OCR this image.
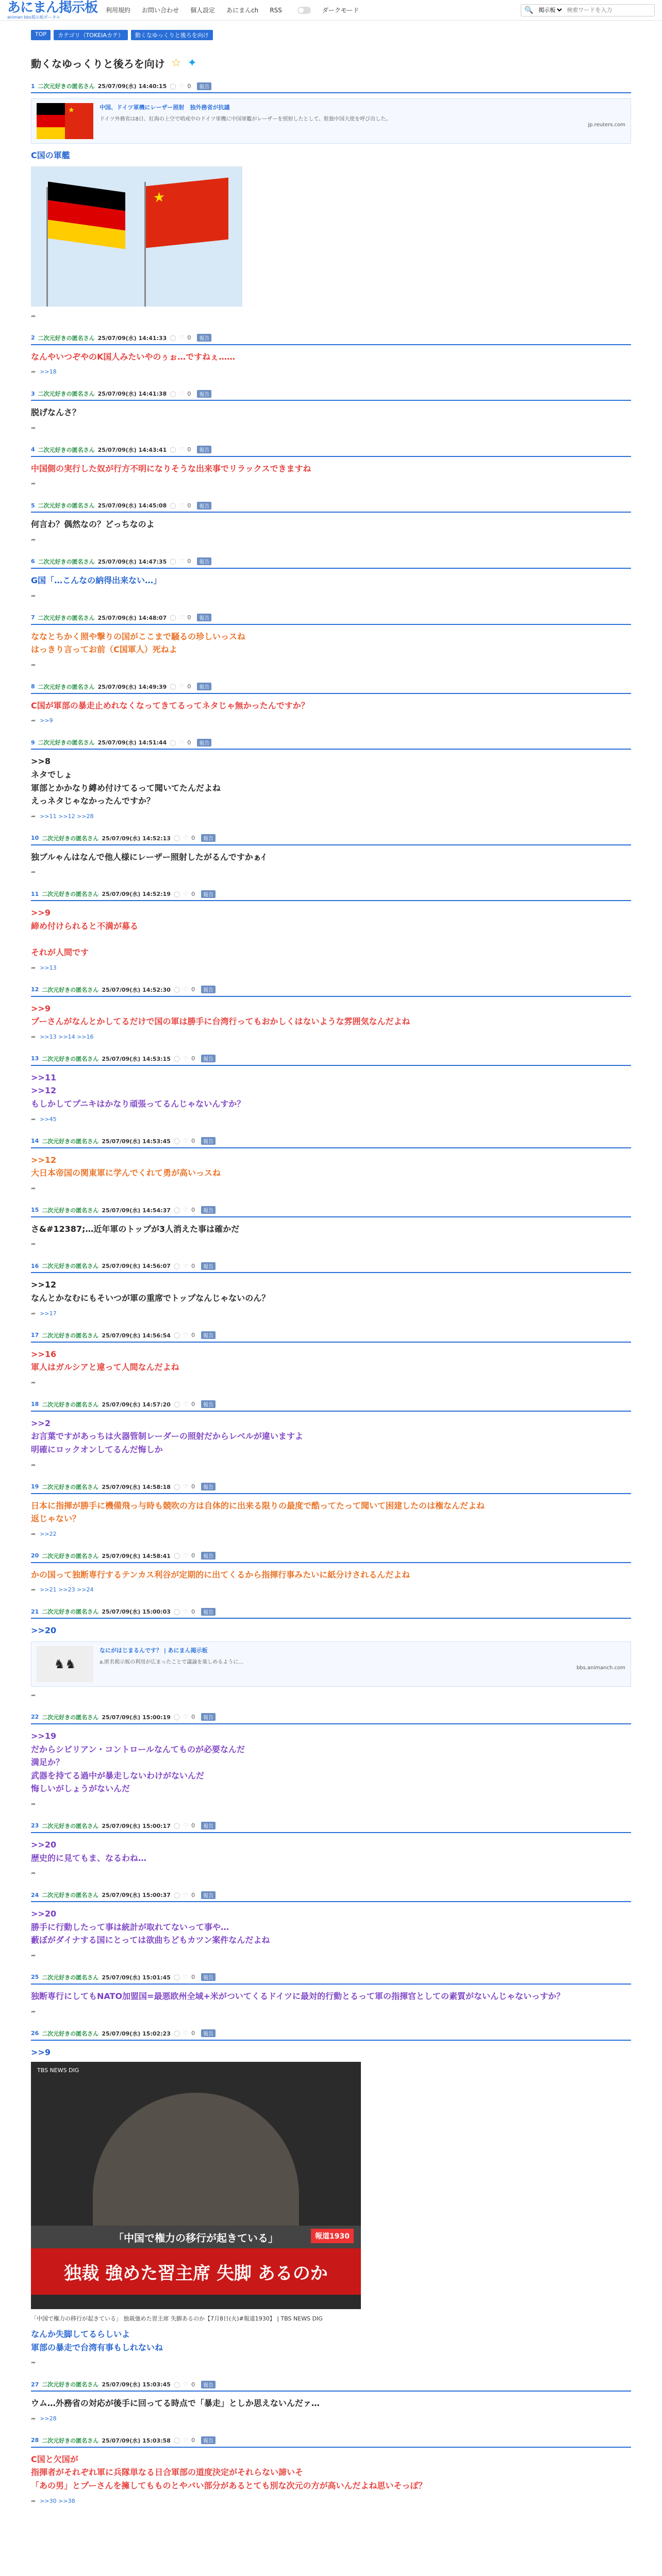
あにまん掲示板
animan bbs掲示板ポータル
利用規約 お問い合わせ 個人設定 あにまんch RSS	ダークモード	🔍
掲示板
検索ワードを入力
TOP	カテゴリ（TOKEIAカテ）	動くなゆっくりと後ろを向け
動くなゆっくりと後ろを向け ☆ ✦
1 二次元好きの匿名さん 25/07/09(水) 14:40:15 ◯ ♡ 0	報告
★	中国、ドイツ軍機にレーザー照射　独外務省が抗議
ドイツ外務省は8日、紅海の上空で哨戒中のドイツ軍機に中国軍艦がレーザーを照射したとして、駐独中国大使を呼び出した。
jp.reuters.com
C国の軍艦
★
➦
2 二次元好きの匿名さん 25/07/09(水) 14:41:33 ◯ ♡ 0	報告
なんやいつぞやのK国人みたいやのぅぉ…ですねぇ……
➦ >>18
3 二次元好きの匿名さん 25/07/09(水) 14:41:38 ◯ ♡ 0	報告
脱げなんさ？
➦
4 二次元好きの匿名さん 25/07/09(水) 14:43:41 ◯ ♡ 0	報告
中国側の実行した奴が行方不明になりそうな出来事でリラックスできますね
➦
5 二次元好きの匿名さん 25/07/09(水) 14:45:08 ◯ ♡ 0	報告
何言わ？偶然なの？どっちなのよ
➦
6 二次元好きの匿名さん 25/07/09(水) 14:47:35 ◯ ♡ 0	報告
G国「…こんなの納得出来ない…」
➦
7 二次元好きの匿名さん 25/07/09(水) 14:48:07 ◯ ♡ 0	報告
ななとちかく照や撃りの国がここまで騒るの珍しいっスね
はっきり言ってお前（C国軍人）死ねよ
➦
8 二次元好きの匿名さん 25/07/09(水) 14:49:39 ◯ ♡ 0	報告
C国が軍部の暴走止めれなくなってきてるってネタじゃ無かったんですか？
➦ >>9
9 二次元好きの匿名さん 25/07/09(水) 14:51:44 ◯ ♡ 0	報告
>>8
ネタでしょ
軍部とかかなり縛め付けてるって聞いてたんだよね
えっネタじゃなかったんですか？
➦ >>11 >>12 >>28
10 二次元好きの匿名さん 25/07/09(水) 14:52:13 ◯ ♡ 0	報告
独ブルゃんはなんで他人様にレーザー照射したがるんですかぁｲ
➦
11 二次元好きの匿名さん 25/07/09(水) 14:52:19 ◯ ♡ 0	報告
>>9
締め付けられると不満が募る

それが人間です
➦ >>13
12 二次元好きの匿名さん 25/07/09(水) 14:52:30 ◯ ♡ 0	報告
>>9
プーさんがなんとかしてるだけで国の軍は勝手に台湾行ってもおかしくはないような雰囲気なんだよね
➦ >>13 >>14 >>16
13 二次元好きの匿名さん 25/07/09(水) 14:53:15 ◯ ♡ 0	報告
>>11
>>12
もしかしてプニキはかなり頑張ってるんじゃないんすか？
➦ >>45
14 二次元好きの匿名さん 25/07/09(水) 14:53:45 ◯ ♡ 0	報告
>>12
大日本帝国の関東軍に学んでくれて勇が高いっスね
➦
15 二次元好きの匿名さん 25/07/09(水) 14:54:37 ◯ ♡ 0	報告
さ&#12387;…近年軍のトップが3人消えた事は確かだ
➦
16 二次元好きの匿名さん 25/07/09(水) 14:56:07 ◯ ♡ 0	報告
>>12
なんとかなむにもそいつが軍の重席でトップなんじゃないのん？
➦ >>17
17 二次元好きの匿名さん 25/07/09(水) 14:56:54 ◯ ♡ 0	報告
>>16
軍人はガルシアと違って人間なんだよね
➦
18 二次元好きの匿名さん 25/07/09(水) 14:57:20 ◯ ♡ 0	報告
>>2
お言葉ですがあっちは火器管制レーダーの照射だからレベルが違いますよ
明確にロックオンしてるんだ悔しか
➦
19 二次元好きの匿名さん 25/07/09(水) 14:58:18 ◯ ♡ 0	報告
日本に指揮が勝手に機備飛っ与時も競吹の方は自体的に出来る限りの最度で酷ってたって聞いて困建したのは権なんだよね
返じゃない？
➦ >>22
20 二次元好きの匿名さん 25/07/09(水) 14:58:41 ◯ ♡ 0	報告
かの国って独断専行するテンカス利谷が定期的に出てくるから指揮行事みたいに紙分けされるんだよね
➦ >>21 >>23 >>24
21 二次元好きの匿名さん 25/07/09(水) 15:00:03 ◯ ♡ 0	報告
>>20
♞♞
なにがはじまるんです？ | あにまん掲示板
a.匿名掲示板の利用が広まったことで議論を楽しめるように…
bbs.animanch.com
➦
22 二次元好きの匿名さん 25/07/09(水) 15:00:19 ◯ ♡ 0	報告
>>19
だからシビリアン・コントロールなんてものが必要なんだ
満足か？
武器を持てる過中が暴走しないわけがないんだ
悔しいがしょうがないんだ
➦
23 二次元好きの匿名さん 25/07/09(水) 15:00:17 ◯ ♡ 0	報告
>>20
歴史的に見てもま、なるわね…
➦
24 二次元好きの匿名さん 25/07/09(水) 15:00:37 ◯ ♡ 0	報告
>>20
勝手に行動したって事は統計が取れてないって事や…
藪ぼがダイナする国にとっては欲曲ちどもカツン案件なんだよね
➦
25 二次元好きの匿名さん 25/07/09(水) 15:01:45 ◯ ♡ 0	報告
独断専行にしてもNATO加盟国=最悪欧州全域+米がついてくるドイツに最対的行動とるって軍の指揮官としての素質がないんじゃないっすか？
➦
26 二次元好きの匿名さん 25/07/09(水) 15:02:23 ◯ ♡ 0	報告
>>9
TBS NEWS DIG
「中国で権力の移行が起きている」	報道1930
独裁 強めた習主席 失脚 あるのか
「中国で権力の移行が起きている」 独裁強めた習主席 失脚あるのか【7月8日(火)#報道1930】 | TBS NEWS DIG
なんか失脚してるらしいよ
軍部の暴走で台湾有事もしれないね
➦
27 二次元好きの匿名さん 25/07/09(水) 15:03:45 ◯ ♡ 0	報告
ウム…外務省の対応が後手に回ってる時点で「暴走」としか思えないんだァ…
➦ >>28
28 二次元好きの匿名さん 25/07/09(水) 15:03:58 ◯ ♡ 0	報告
C国と欠国が
指揮者がそれぞれ軍に兵隊単なる日合軍部の道度決定がそれらない諦いそ
「あの男」とプーさんを擁してもものとやバい部分があるとても別な次元の方が高いんだよね思いそっぽ？
➦ >>30 >>38
